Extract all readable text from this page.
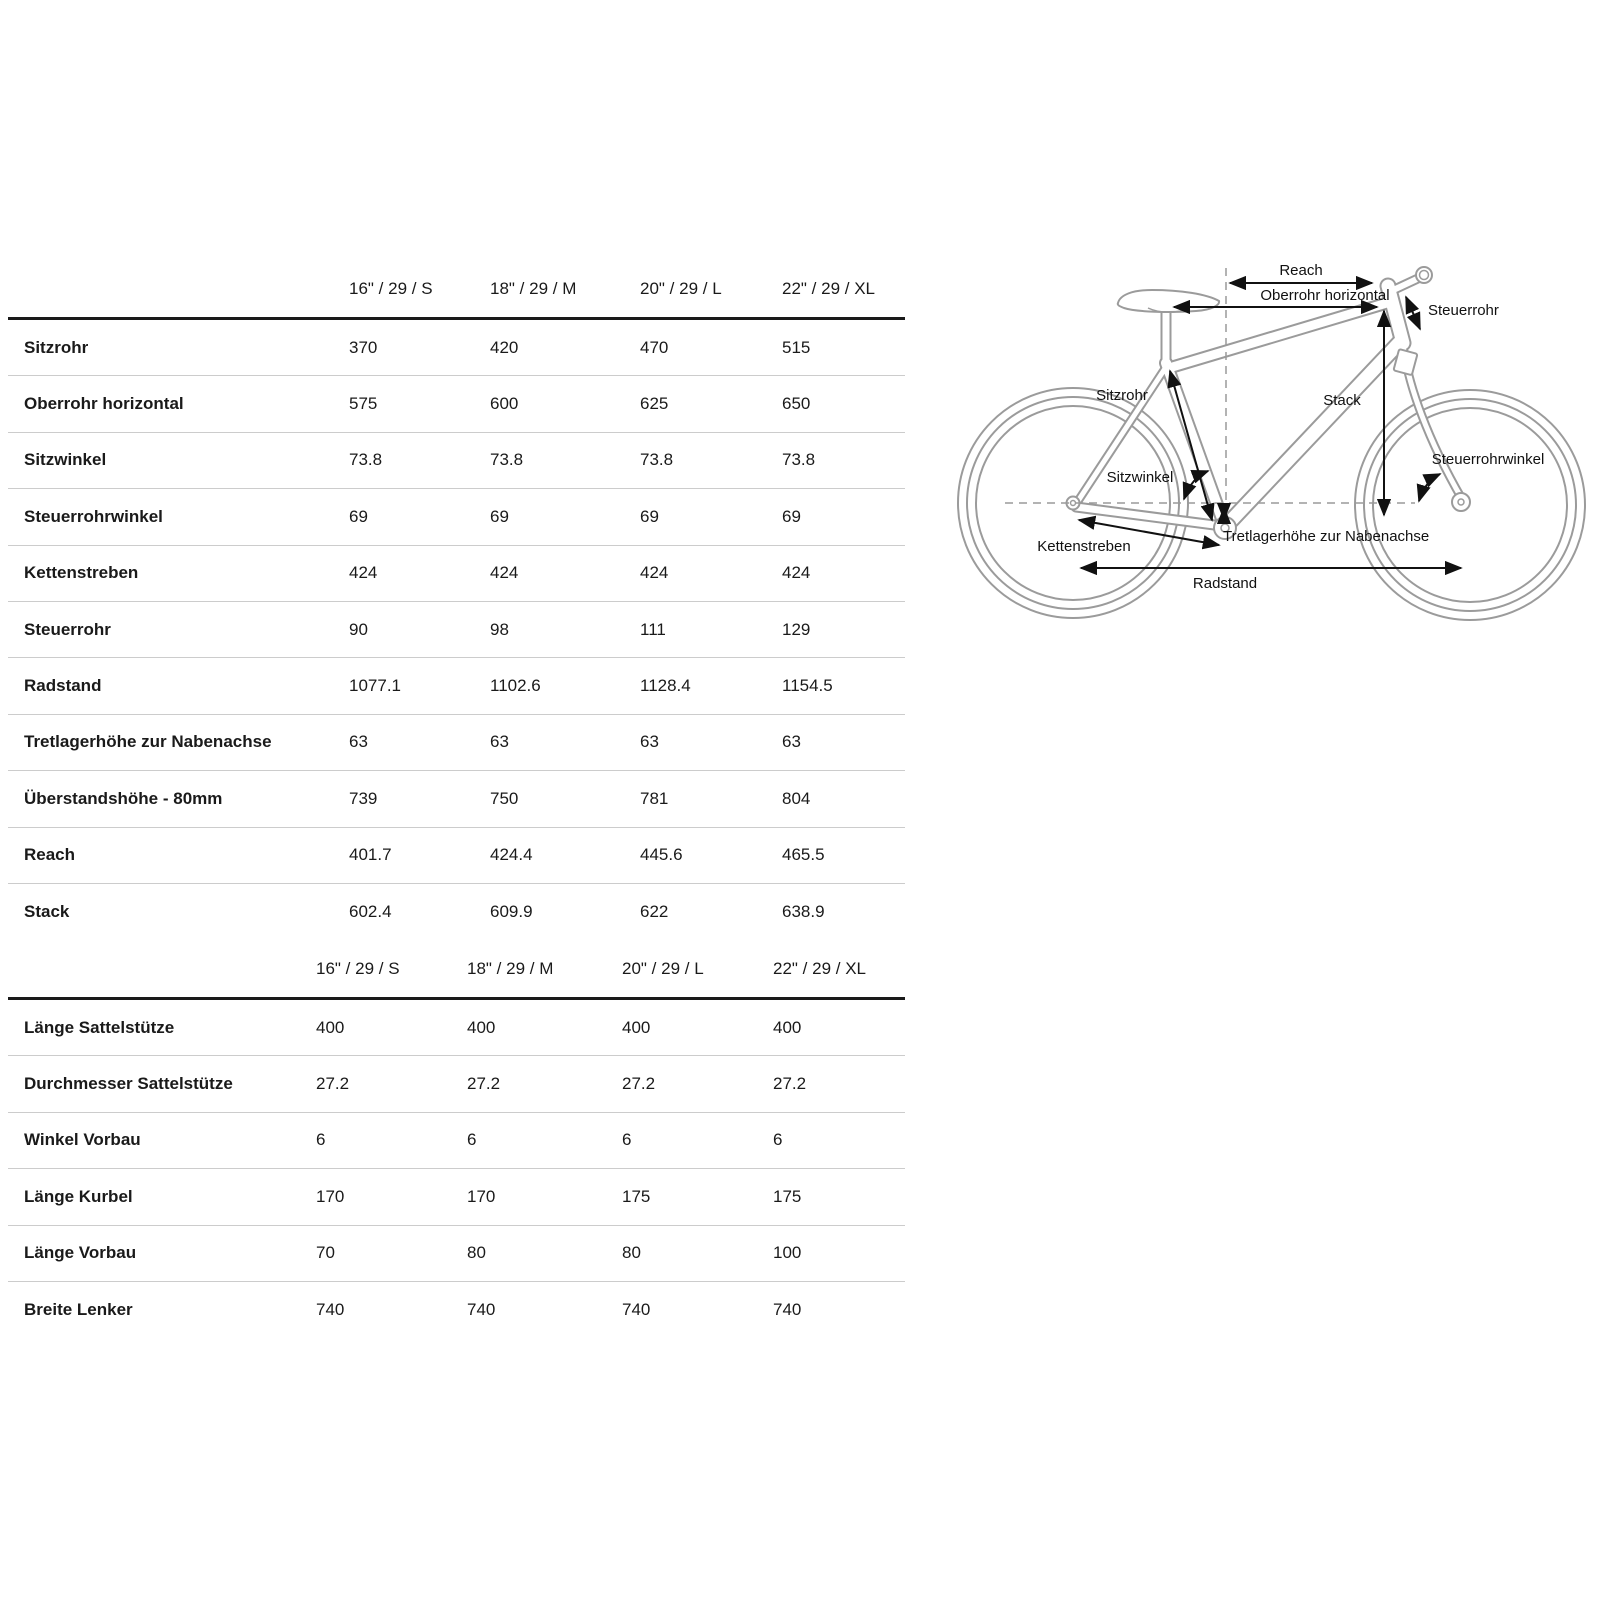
16" / 29 / S	18" / 29 / M	20" / 29 / L	22" / 29 / XL
Sitzrohr	370	420	470	515
Oberrohr horizontal	575	600	625	650
Sitzwinkel	73.8	73.8	73.8	73.8
Steuerrohrwinkel	69	69	69	69
Kettenstreben	424	424	424	424
Steuerrohr	90	98	111	129
Radstand	1077.1	1102.6	1128.4	1154.5
Tretlagerhöhe zur Nabenachse	63	63	63	63
Überstandshöhe - 80mm	739	750	781	804
Reach	401.7	424.4	445.6	465.5
Stack	602.4	609.9	622	638.9
16" / 29 / S	18" / 29 / M	20" / 29 / L	22" / 29 / XL
Länge Sattelstütze	400	400	400	400
Durchmesser Sattelstütze	27.2	27.2	27.2	27.2
Winkel Vorbau	6	6	6	6
Länge Kurbel	170	170	175	175
Länge Vorbau	70	80	80	100
Breite Lenker	740	740	740	740
Reach
Oberrohr horizontal
Steuerrohr
Sitzrohr	Stack
Steuerrohrwinkel
Sitzwinkel
Tretlagerhöhe zur Nabenachse
Kettenstreben
Radstand
